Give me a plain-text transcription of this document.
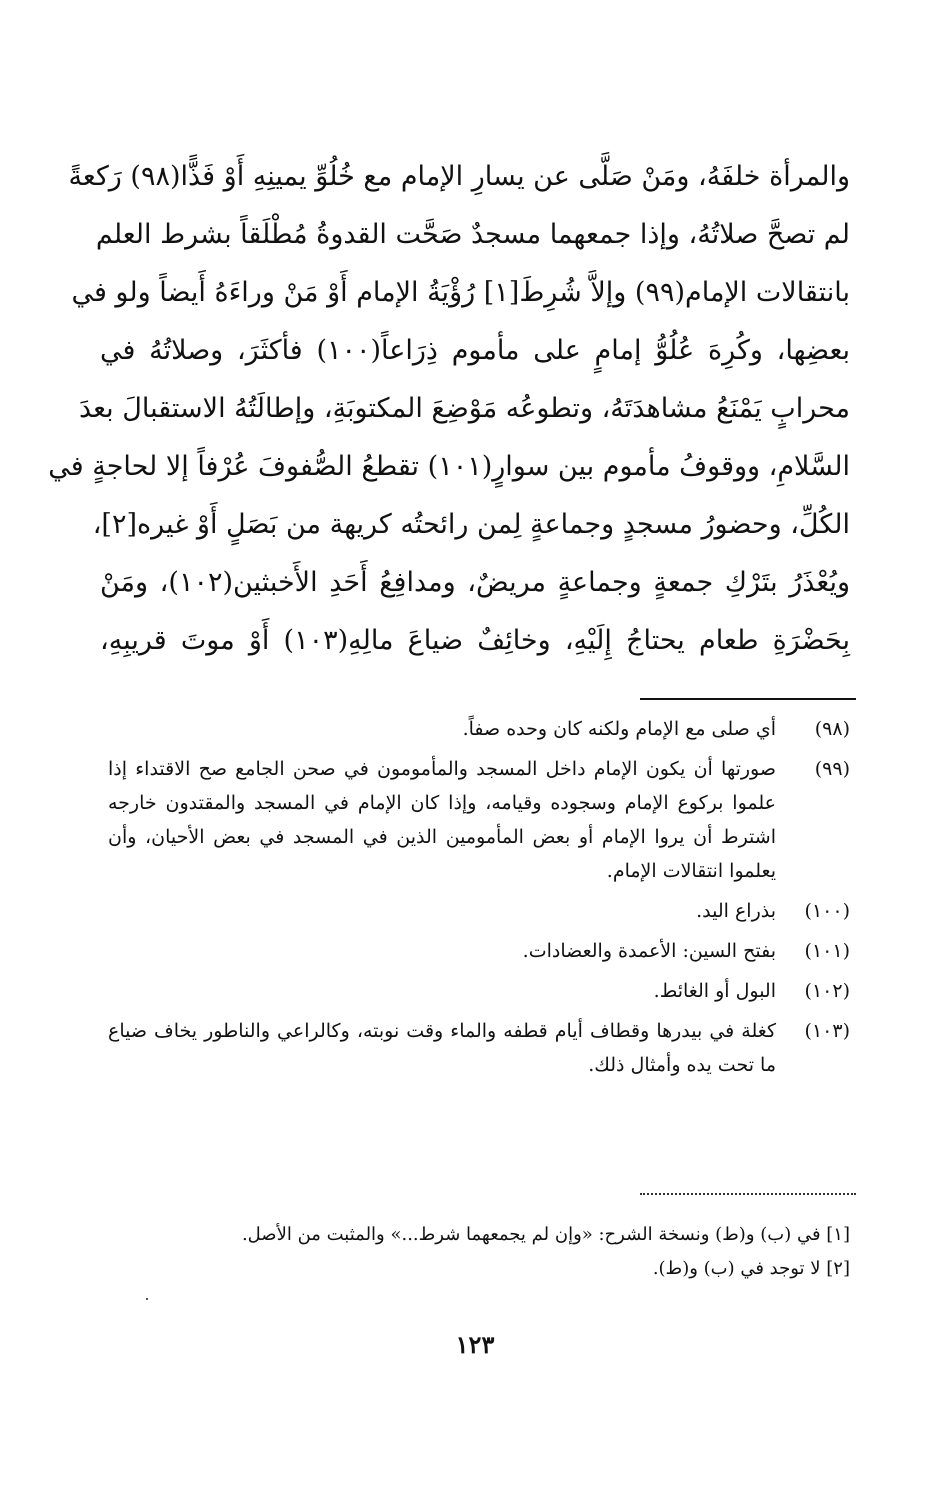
والمرأة خلفَهُ، ومَنْ صَلَّى عن يسارِ الإمام مع خُلُوِّ يمينِهِ أَوْ فَذًّا(٩٨) رَكعةً
لم تصحَّ صلاتُهُ، وإذا جمعهما مسجدٌ صَحَّت القدوةُ مُطْلَقاً بشرط العلم
بانتقالات الإمام(٩٩) وإلاَّ شُرِطَ[١] رُؤْيَةُ الإمام أَوْ مَنْ وراءَهُ أَيضاً ولو في
بعضِها، وكُرِهَ عُلُوُّ إمامٍ على مأموم ذِرَاعاً(١٠٠) فأكثَرَ، وصلاتُهُ في
محرابٍ يَمْنَعُ مشاهدَتَهُ، وتطوعُه مَوْضِعَ المكتوبَةِ، وإطالَتُهُ الاستقبالَ بعدَ
السَّلامِ، ووقوفُ مأموم بين سوارٍ(١٠١) تقطعُ الصُّفوفَ عُرْفاً إلا لحاجةٍ في
الكُلِّ، وحضورُ مسجدٍ وجماعةٍ لِمن رائحتُه كريهة من بَصَلٍ أَوْ غيره[٢]،
ويُعْذَرُ بتَرْكِ جمعةٍ وجماعةٍ مريضٌ، ومدافِعُ أَحَدِ الأَخبثين(١٠٢)، ومَنْ
بِحَضْرَةِ طعام يحتاجُ إِلَيْهِ، وخائِفٌ ضياعَ مالِهِ(١٠٣) أَوْ موتَ قريبِهِ،
(٩٨)
أي صلى مع الإمام ولكنه كان وحده صفاً.
(٩٩)
صورتها أن يكون الإمام داخل المسجد والمأمومون في صحن الجامع صح الاقتداء إذا علموا بركوع الإمام وسجوده وقيامه، وإذا كان الإمام في المسجد والمقتدون خارجه اشترط أن يروا الإمام أو بعض المأمومين الذين في المسجد في بعض الأحيان، وأن يعلموا انتقالات الإمام.
(١٠٠)
بذراع اليد.
(١٠١)
بفتح السين: الأعمدة والعضادات.
(١٠٢)
البول أو الغائط.
(١٠٣)
كغلة في بيدرها وقطاف أيام قطفه والماء وقت نوبته، وكالراعي والناطور يخاف ضياع ما تحت يده وأمثال ذلك.
[١] في (ب) و(ط) ونسخة الشرح: «وإن لم يجمعهما شرط...» والمثبت من الأصل.
[٢] لا توجد في (ب) و(ط).
١٢٣
